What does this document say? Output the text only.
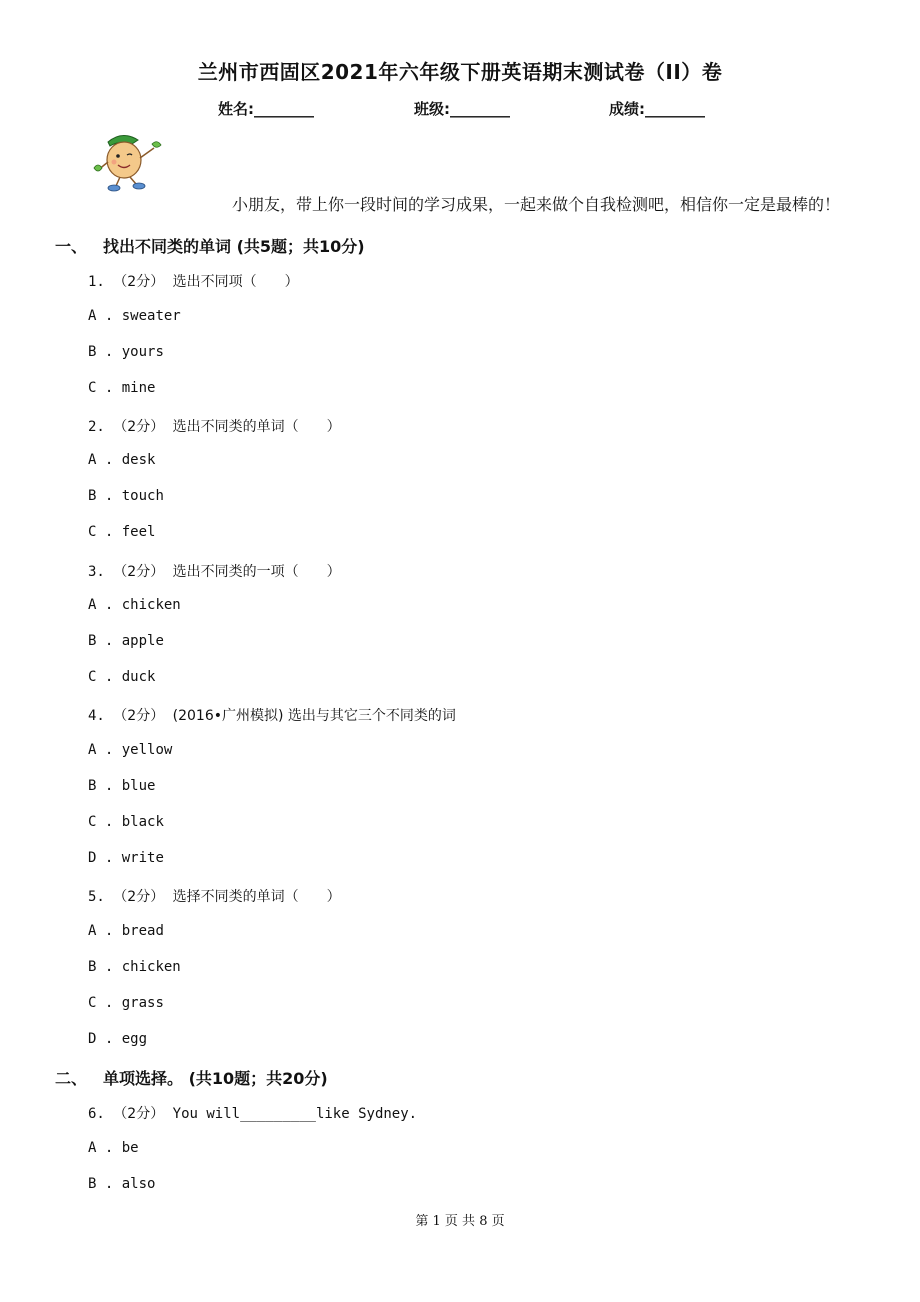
兰州市西固区2021年六年级下册英语期末测试卷（II）卷
姓名:________	班级:________	成绩:________
小朋友，带上你一段时间的学习成果，一起来做个自我检测吧，相信你一定是最棒的！
一、 找出不同类的单词 (共5题；共10分)
1. （2分） 选出不同项（　　）
A . sweater
B . yours
C . mine
2. （2分） 选出不同类的单词（　　）
A . desk
B . touch
C . feel
3. （2分） 选出不同类的一项（　　）
A . chicken
B . apple
C . duck
4. （2分） (2016•广州模拟) 选出与其它三个不同类的词
A . yellow
B . blue
C . black
D . write
5. （2分） 选择不同类的单词（　　）
A . bread
B . chicken
C . grass
D . egg
二、 单项选择。 (共10题；共20分)
6. （2分） You will_________like Sydney.
A . be
B . also
第 1 页 共 8 页
